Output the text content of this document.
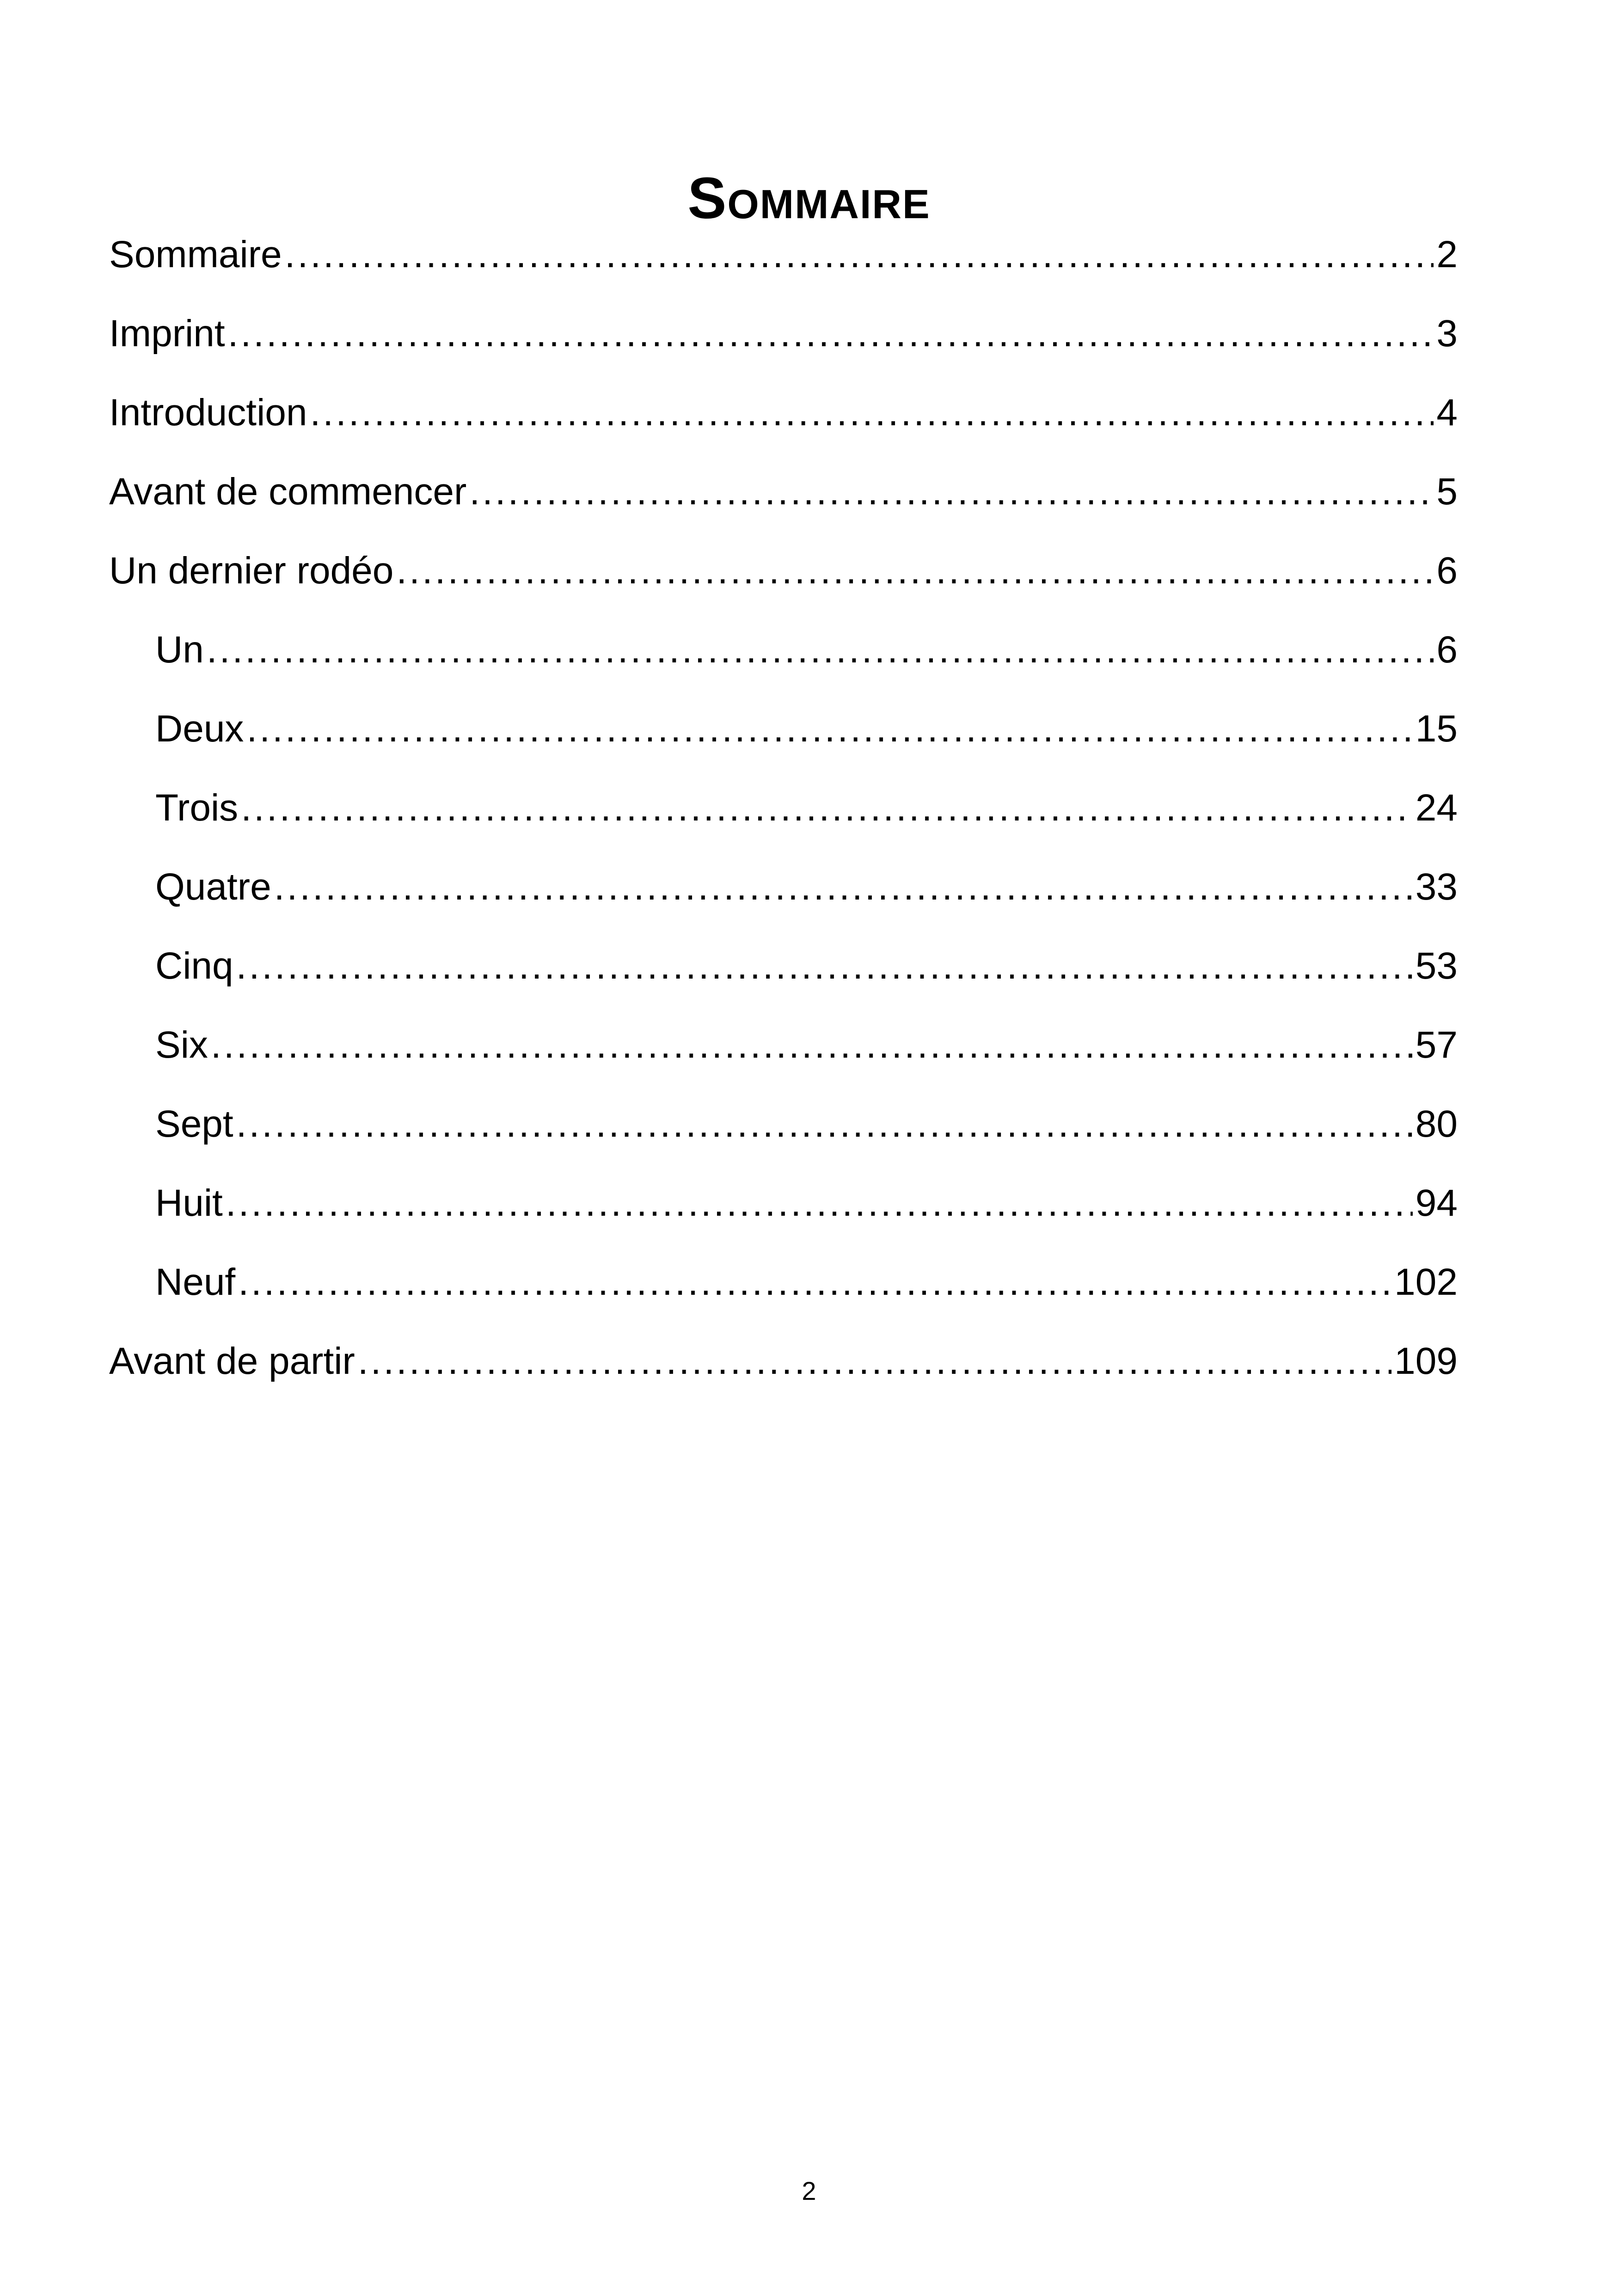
Sommaire
Sommaire .....	2
Imprint .....	3
Introduction .....	4
Avant de commencer .....	5
Un dernier rodéo .....	6
Un .....	6
Deux .....	15
Trois .....	24
Quatre .....	33
Cinq .....	53
Six .....	57
Sept .....	80
Huit .....	94
Neuf .....	102
Avant de partir .....	109
2
